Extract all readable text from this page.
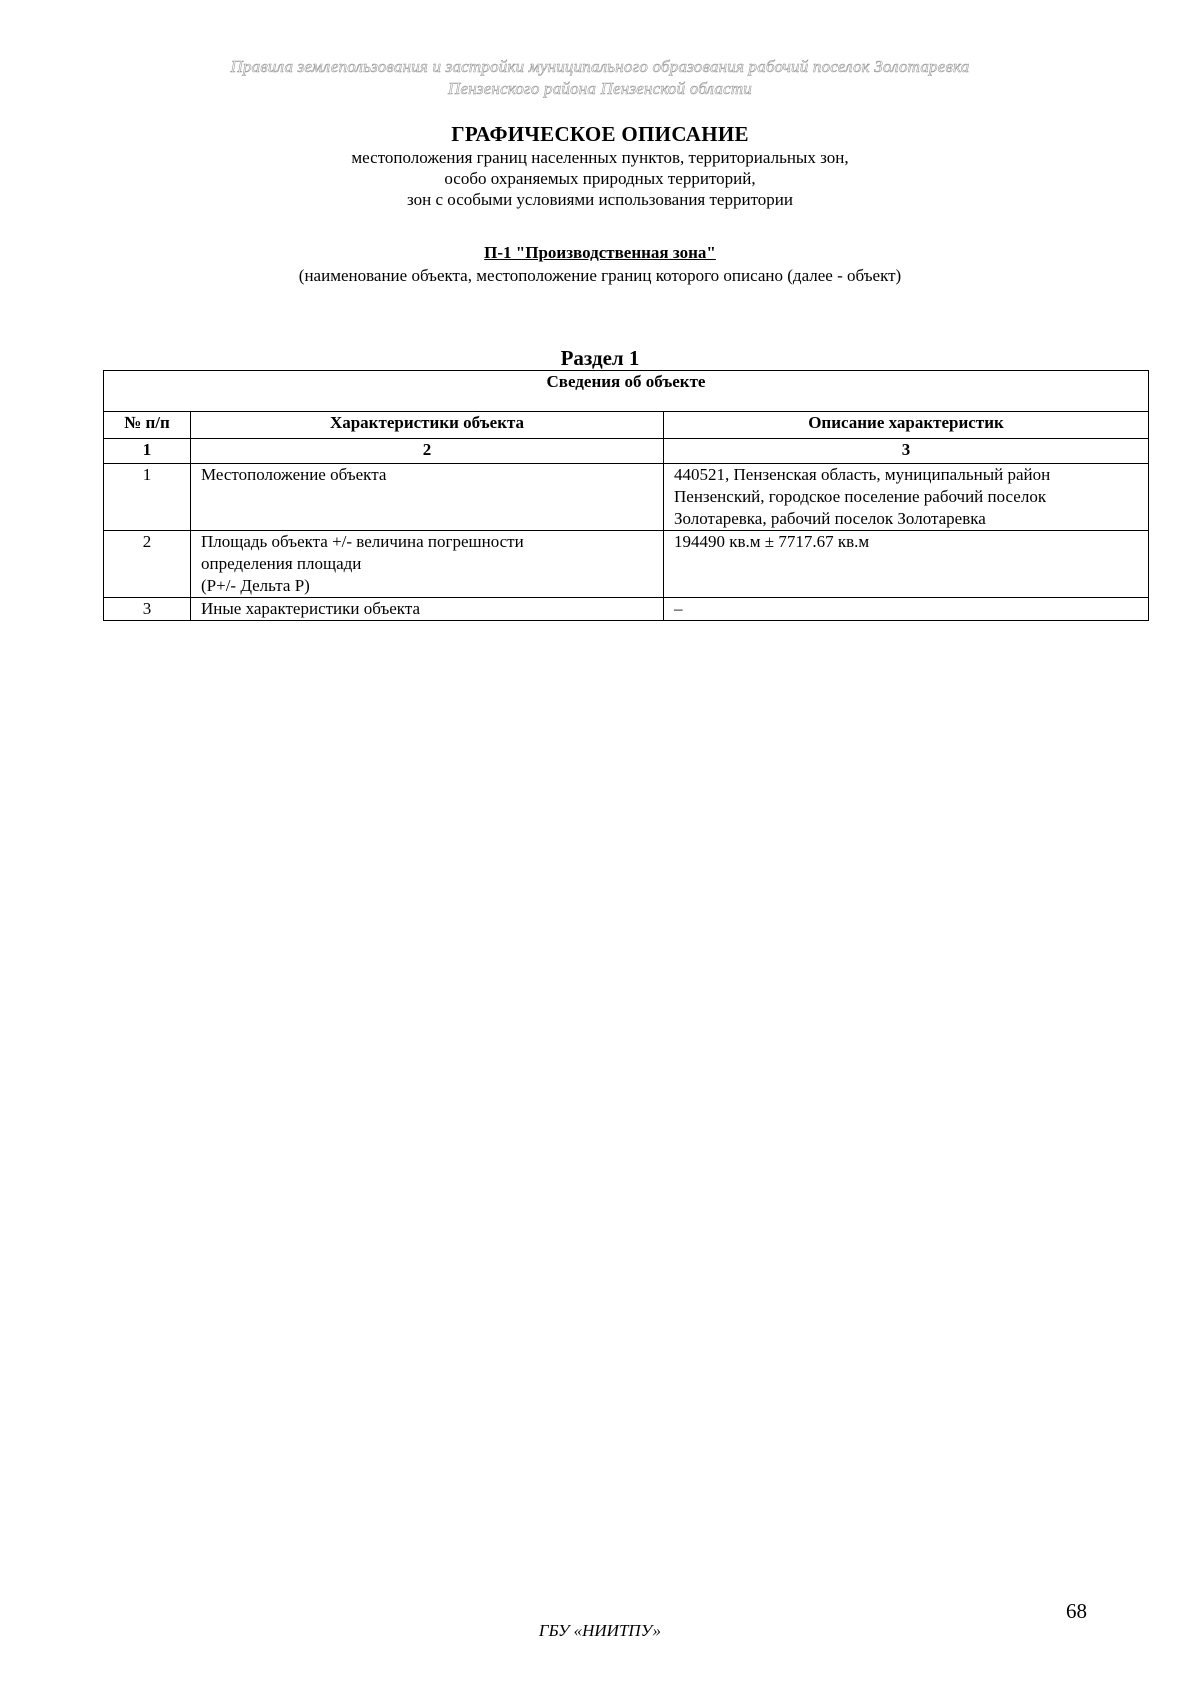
Правила землепользования и застройки муниципального образования рабочий поселок Золотаревка
Пензенского района Пензенской области
ГРАФИЧЕСКОЕ ОПИСАНИЕ
местоположения границ населенных пунктов, территориальных зон,
особо охраняемых природных территорий,
зон с особыми условиями использования территории
П-1 "Производственная зона"
(наименование объекта, местоположение границ которого описано (далее - объект)
Раздел 1
Сведения об объекте		
№ п/п	Характеристики объекта	Описание характеристик
1	2	3
1	Местоположение объекта	440521, Пензенская область, муниципальный район
Пензенский, городское поселение рабочий поселок
Золотаревка, рабочий поселок Золотаревка

2	Площадь объекта +/- величина погрешности
определения площади
(P+/- Дельта P)	194490 кв.м ± 7717.67 кв.м

3	Иные характеристики объекта	–
68
ГБУ «НИИТПУ»
